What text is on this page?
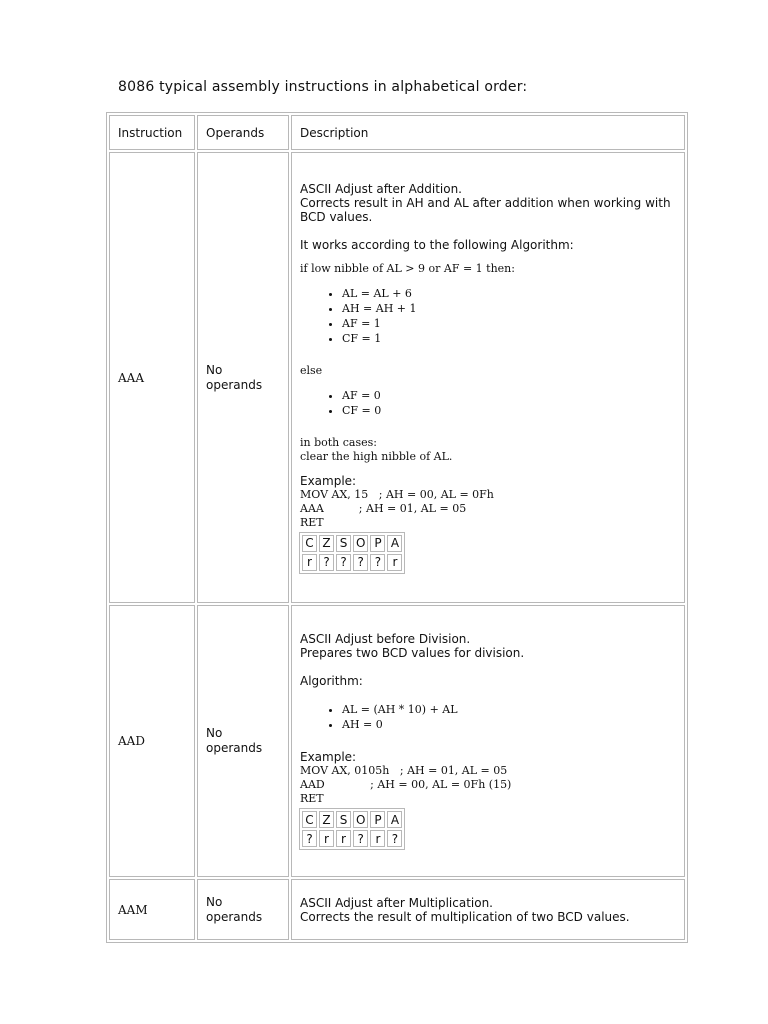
8086 typical assembly instructions in alphabetical order:
Instruction	Operands	Description
AAA	No operands	
ASCII Adjust after Addition.
Corrects result in AH and AL after addition when working with BCD values.
It works according to the following Algorithm:
if low nibble of AL > 9 or AF = 1 then:
• AL = AL + 6
• AH = AH + 1
• AF = 1
• CF = 1
else
• AF = 0
• CF = 0
in both cases:
clear the high nibble of AL.
Example:
MOV AX, 15   ; AH = 00, AL = 0Fh
AAA          ; AH = 01, AL = 05
RET
C	Z	S	O	P	A
r	?	?	?	?	r

AAD	No operands	
ASCII Adjust before Division.
Prepares two BCD values for division.
Algorithm:
• AL = (AH * 10) + AL
• AH = 0
Example:
MOV AX, 0105h   ; AH = 01, AL = 05
AAD             ; AH = 00, AL = 0Fh (15)
RET
C	Z	S	O	P	A
?	r	r	?	r	?

AAM	No operands	
ASCII Adjust after Multiplication.
Corrects the result of multiplication of two BCD values.
